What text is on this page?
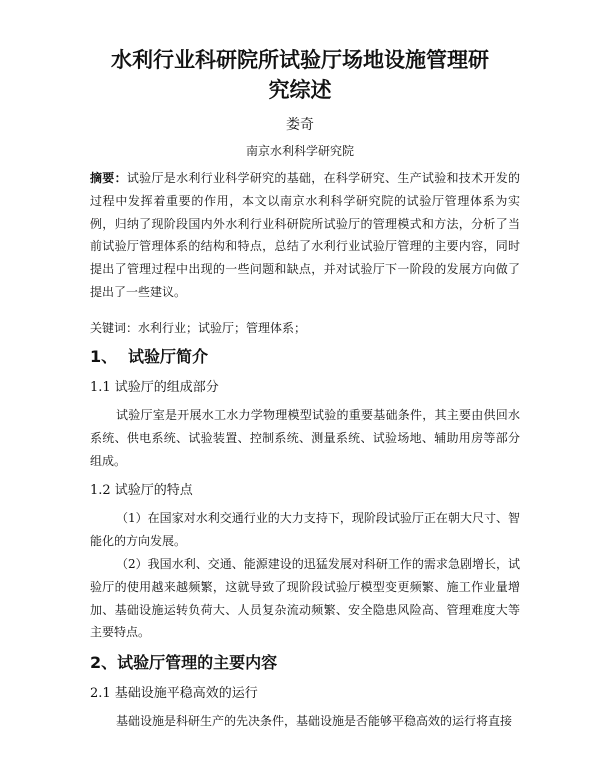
水利行业科研院所试验厅场地设施管理研
究综述
娄奇
南京水利科学研究院

摘要：试验厅是水利行业科学研究的基础，在科学研究、生产试验和技术开发的过程中发挥着重要的作用，本文以南京水利科学研究院的试验厅管理体系为实例，归纳了现阶段国内外水利行业科研院所试验厅的管理模式和方法，分析了当前试验厅管理体系的结构和特点，总结了水利行业试验厅管理的主要内容，同时提出了管理过程中出现的一些问题和缺点，并对试验厅下一阶段的发展方向做了提出了一些建议。

关键词：水利行业；试验厅；管理体系；

1、 试验厅简介
1.1 试验厅的组成部分

试验厅室是开展水工水力学物理模型试验的重要基础条件，其主要由供回水系统、供电系统、试验装置、控制系统、测量系统、试验场地、辅助用房等部分组成。

1.2 试验厅的特点

（1）在国家对水利交通行业的大力支持下，现阶段试验厅正在朝大尺寸、智能化的方向发展。

（2）我国水利、交通、能源建设的迅猛发展对科研工作的需求急剧增长，试验厅的使用越来越频繁，这就导致了现阶段试验厅模型变更频繁、施工作业量增加、基础设施运转负荷大、人员复杂流动频繁、安全隐患风险高、管理难度大等主要特点。

2、试验厅管理的主要内容
2.1 基础设施平稳高效的运行

基础设施是科研生产的先决条件，基础设施是否能够平稳高效的运行将直接
